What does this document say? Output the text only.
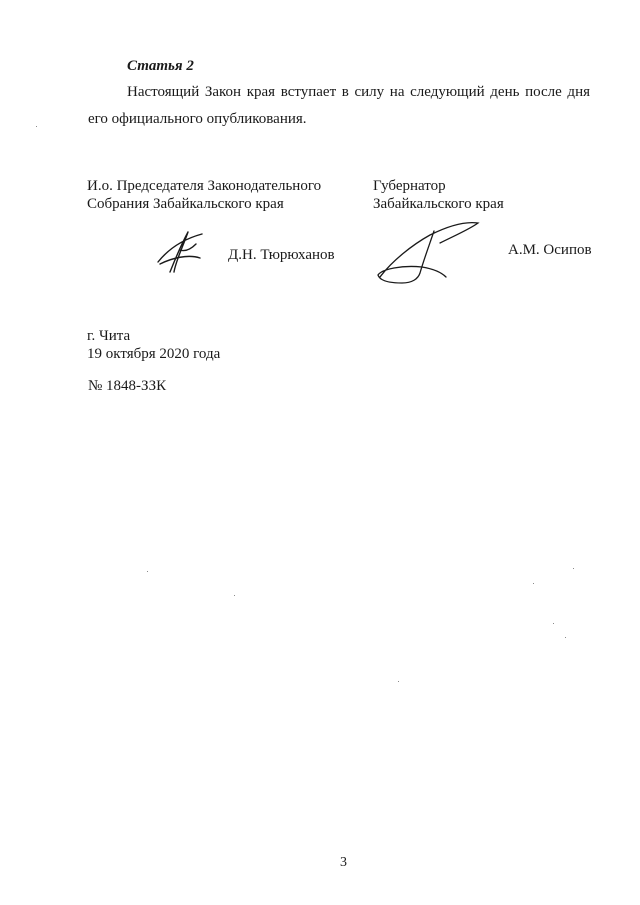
Статья 2
Настоящий Закон края вступает в силу на следующий день после дня
его официального опубликования.
И.о. Председателя Законодательного
Собрания Забайкальского края
Губернатор
Забайкальского края
Д.Н. Тюрюханов	А.М. Осипов
г. Чита
19 октября 2020 года
№ 1848-ЗЗК
3
